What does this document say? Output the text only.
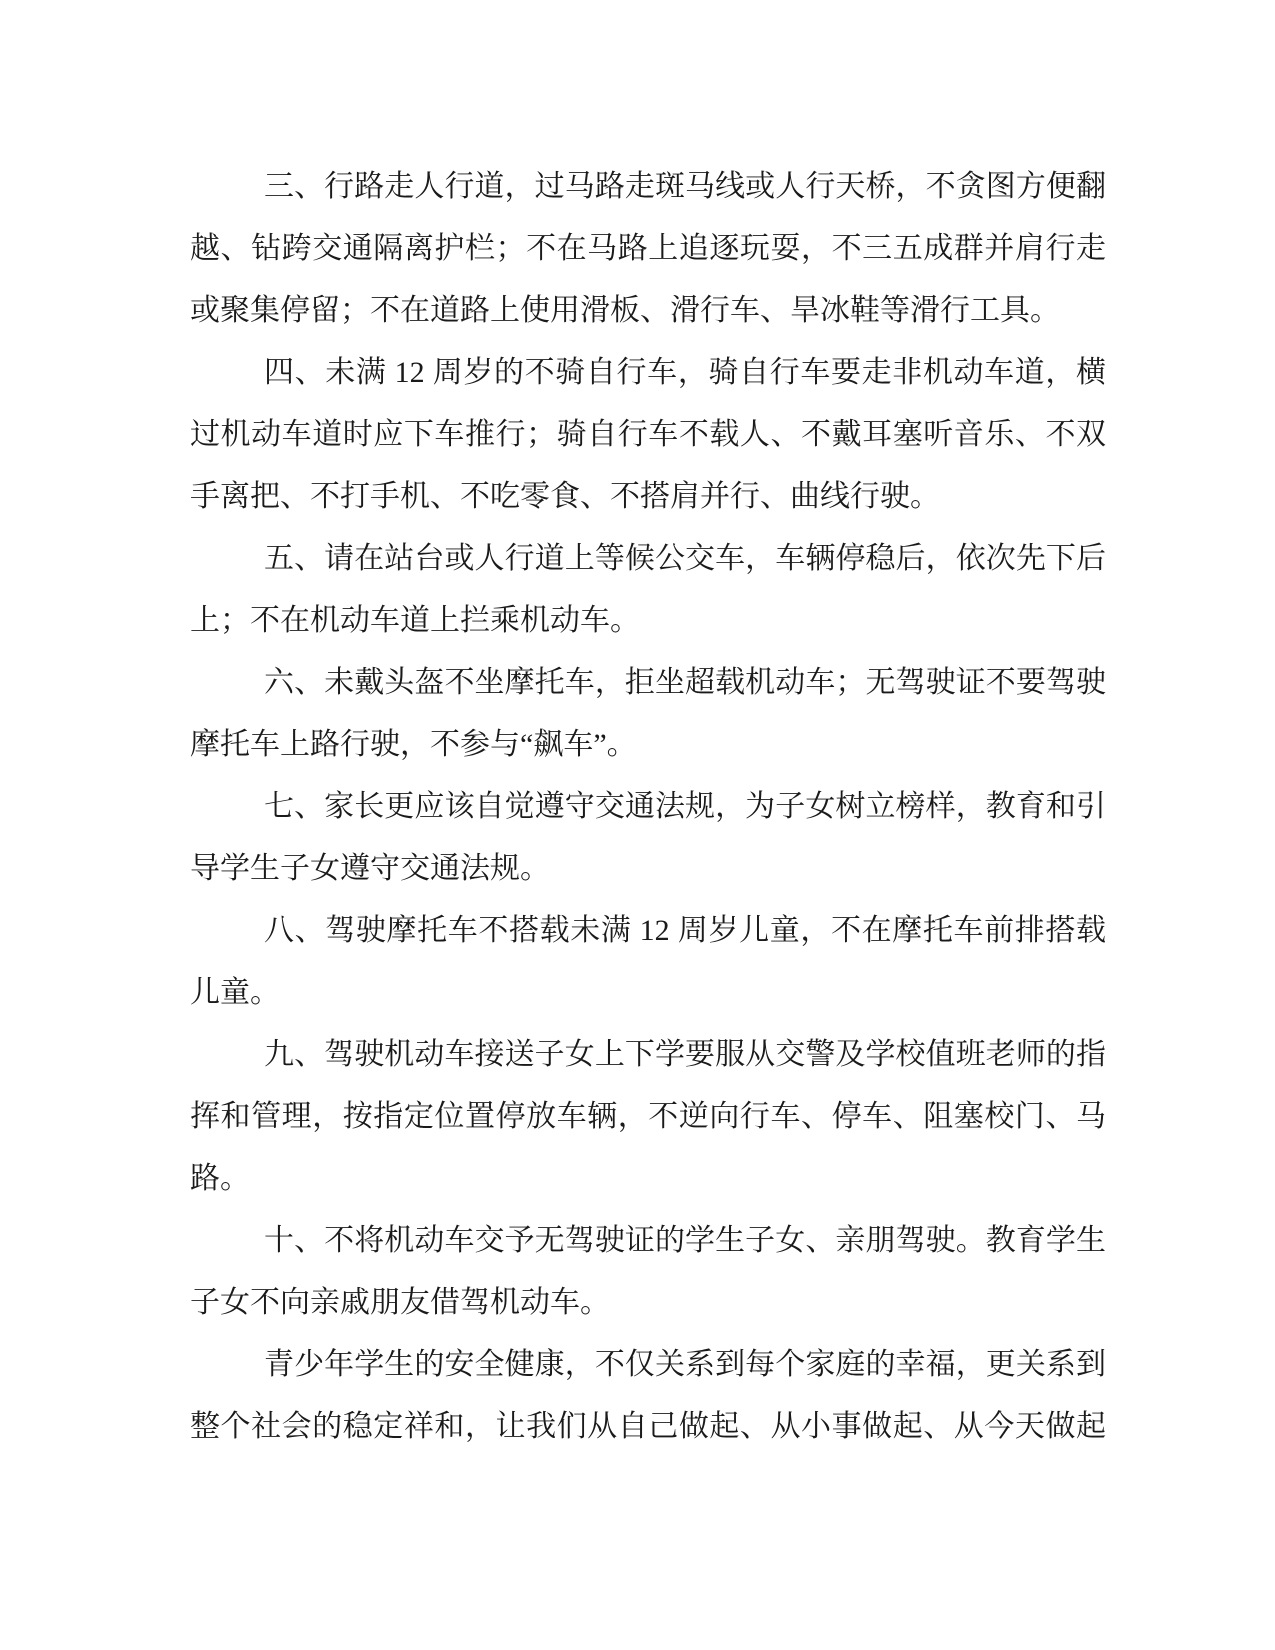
三、行路走人行道，过马路走斑马线或人行天桥，不贪图方便翻
越、钻跨交通隔离护栏；不在马路上追逐玩耍，不三五成群并肩行走
或聚集停留；不在道路上使用滑板、滑行车、旱冰鞋等滑行工具。
四、未满 12 周岁的不骑自行车，骑自行车要走非机动车道，横
过机动车道时应下车推行；骑自行车不载人、不戴耳塞听音乐、不双
手离把、不打手机、不吃零食、不搭肩并行、曲线行驶。
五、请在站台或人行道上等候公交车，车辆停稳后，依次先下后
上；不在机动车道上拦乘机动车。
六、未戴头盔不坐摩托车，拒坐超载机动车；无驾驶证不要驾驶
摩托车上路行驶，不参与“飙车”。
七、家长更应该自觉遵守交通法规，为子女树立榜样，教育和引
导学生子女遵守交通法规。
八、驾驶摩托车不搭载未满 12 周岁儿童，不在摩托车前排搭载
儿童。
九、驾驶机动车接送子女上下学要服从交警及学校值班老师的指
挥和管理，按指定位置停放车辆，不逆向行车、停车、阻塞校门、马
路。
十、不将机动车交予无驾驶证的学生子女、亲朋驾驶。教育学生
子女不向亲戚朋友借驾机动车。
青少年学生的安全健康，不仅关系到每个家庭的幸福，更关系到
整个社会的稳定祥和，让我们从自己做起、从小事做起、从今天做起
